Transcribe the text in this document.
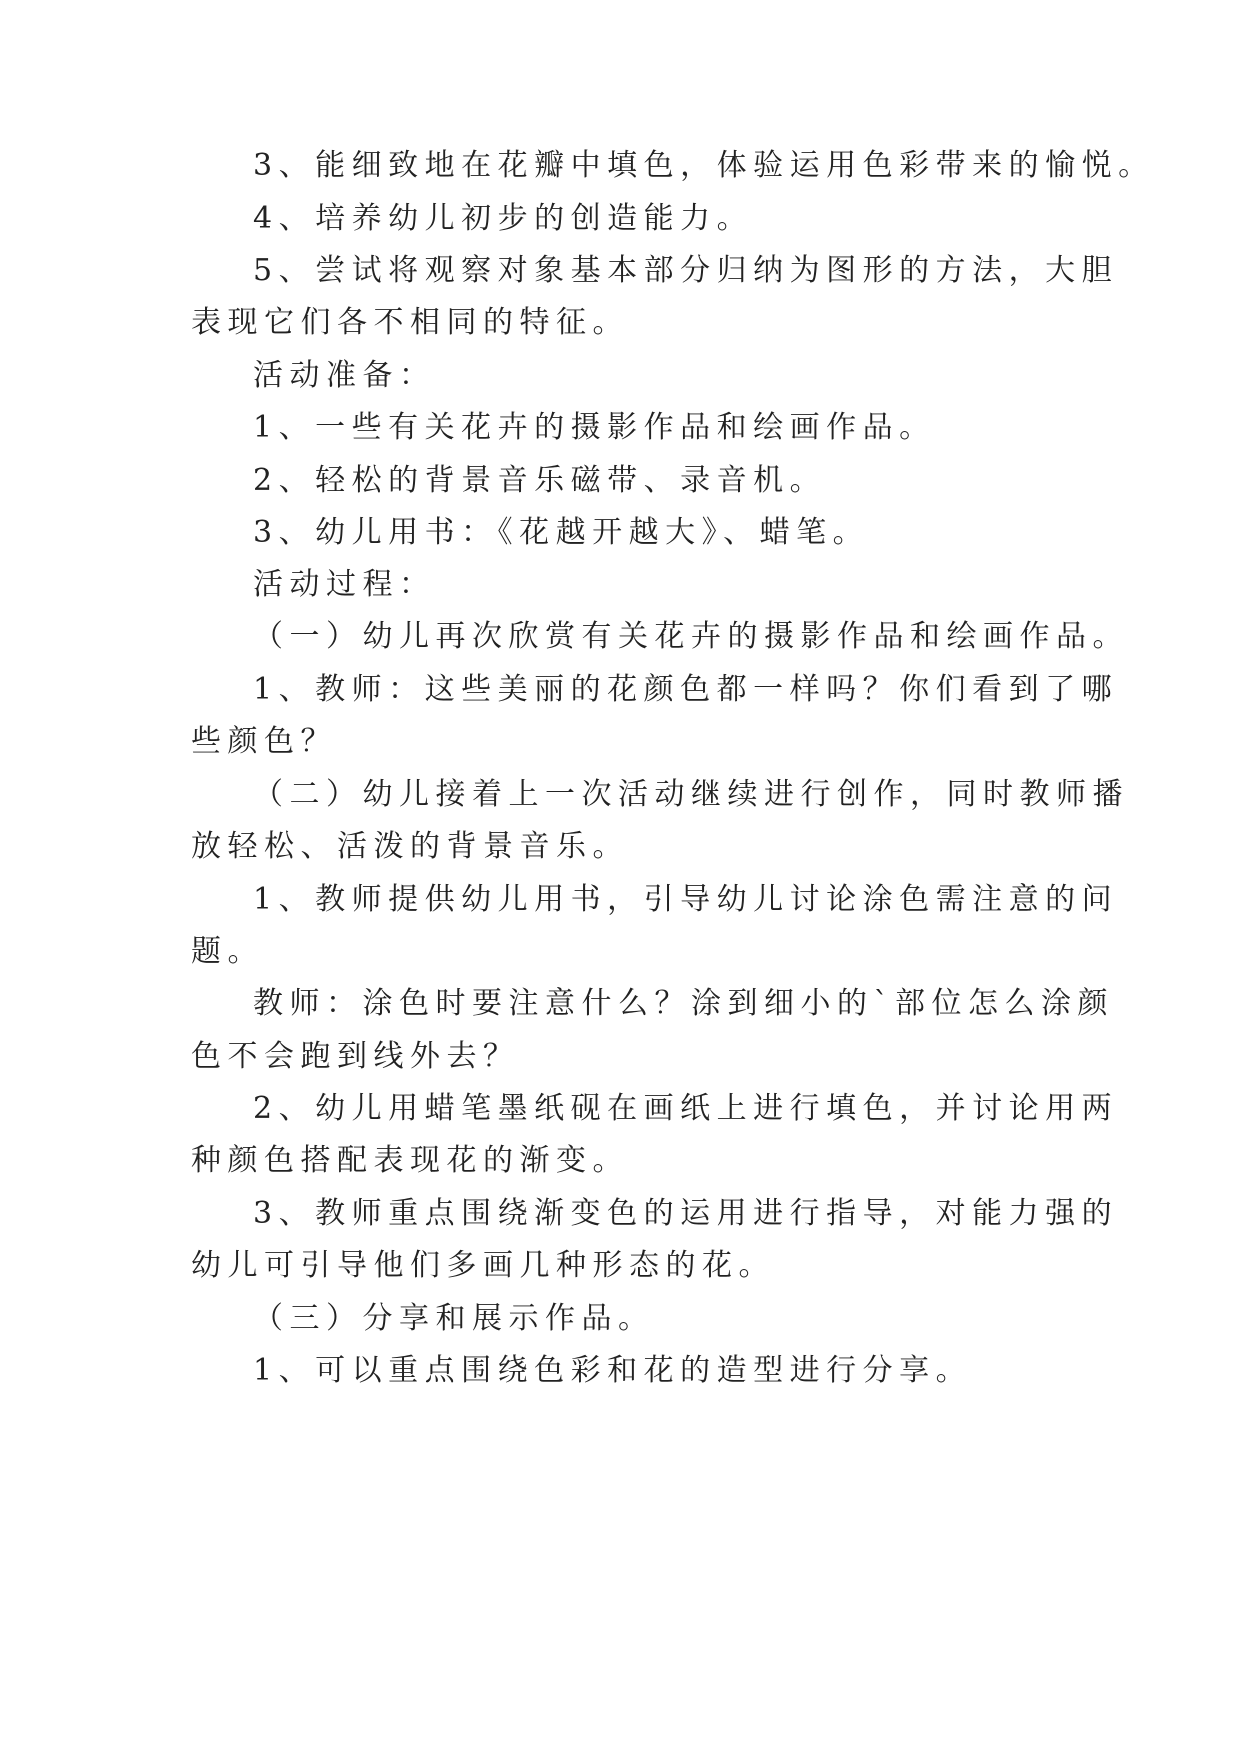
3、能细致地在花瓣中填色，体验运用色彩带来的愉悦。
4、培养幼儿初步的创造能力。
5、尝试将观察对象基本部分归纳为图形的方法，大胆
表现它们各不相同的特征。
活动准备：
1、一些有关花卉的摄影作品和绘画作品。
2、轻松的背景音乐磁带、录音机。
3、幼儿用书：《花越开越大》、蜡笔。
活动过程：
（一）幼儿再次欣赏有关花卉的摄影作品和绘画作品。
1、教师：这些美丽的花颜色都一样吗？你们看到了哪
些颜色？
（二）幼儿接着上一次活动继续进行创作，同时教师播
放轻松、活泼的背景音乐。
1、教师提供幼儿用书，引导幼儿讨论涂色需注意的问
题。
教师：涂色时要注意什么？涂到细小的`部位怎么涂颜
色不会跑到线外去？
2、幼儿用蜡笔墨纸砚在画纸上进行填色，并讨论用两
种颜色搭配表现花的渐变。
3、教师重点围绕渐变色的运用进行指导，对能力强的
幼儿可引导他们多画几种形态的花。
（三）分享和展示作品。
1、可以重点围绕色彩和花的造型进行分享。
